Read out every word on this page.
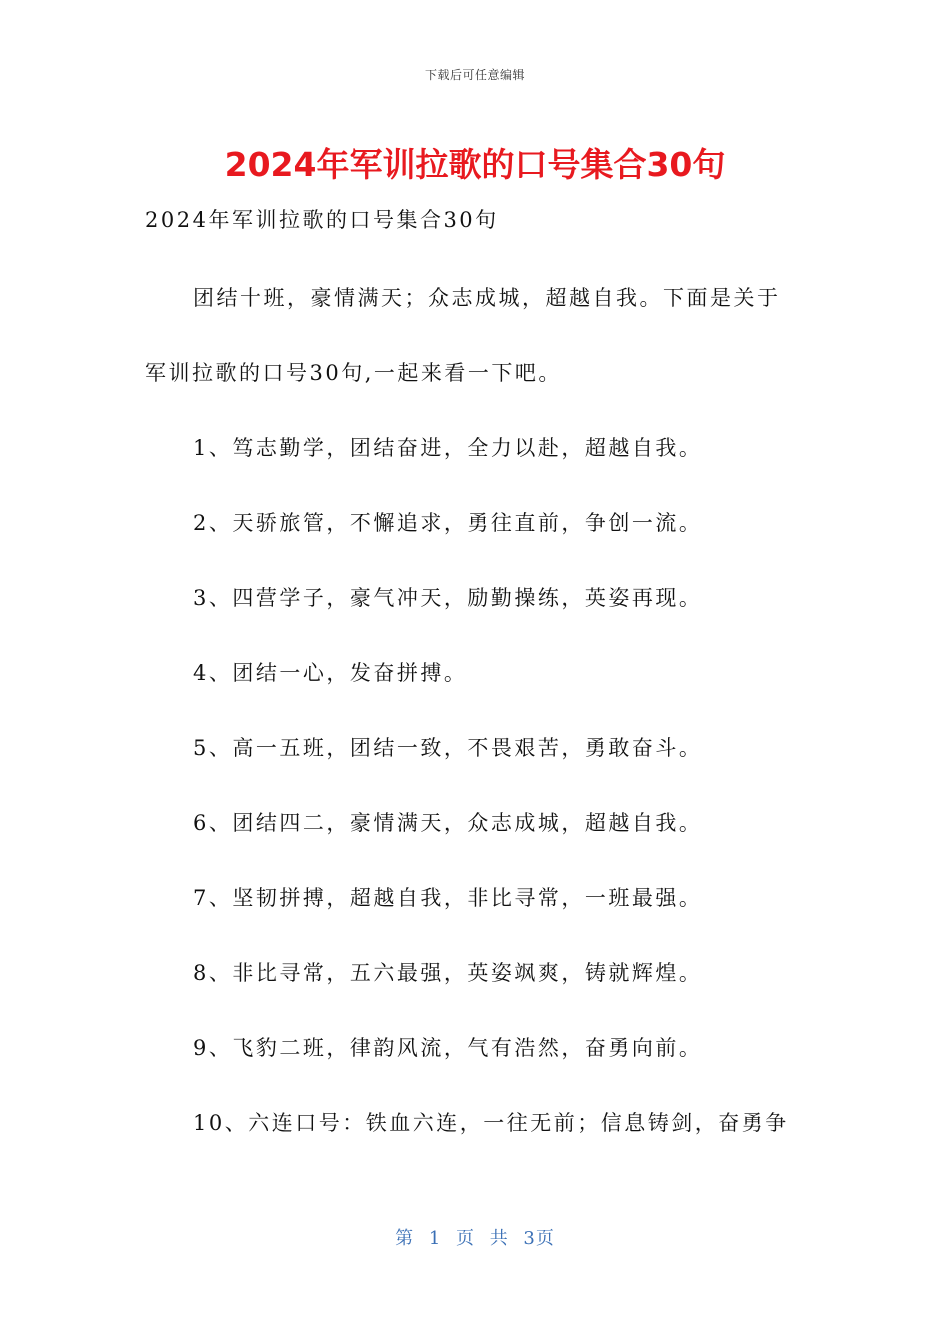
下载后可任意编辑
2024年军训拉歌的口号集合30句
2024年军训拉歌的口号集合30句
团结十班，豪情满天；众志成城，超越自我。下面是关于
军训拉歌的口号30句,一起来看一下吧。
1、笃志勤学，团结奋进，全力以赴，超越自我。
2、天骄旅管，不懈追求，勇往直前，争创一流。
3、四营学子，豪气冲天，励勤操练，英姿再现。
4、团结一心，发奋拼搏。
5、高一五班，团结一致，不畏艰苦，勇敢奋斗。
6、团结四二，豪情满天，众志成城，超越自我。
7、坚韧拼搏，超越自我，非比寻常，一班最强。
8、非比寻常，五六最强，英姿飒爽，铸就辉煌。
9、飞豹二班，律韵风流，气有浩然，奋勇向前。
10、六连口号：铁血六连，一往无前；信息铸剑，奋勇争
第 1 页 共 3页
